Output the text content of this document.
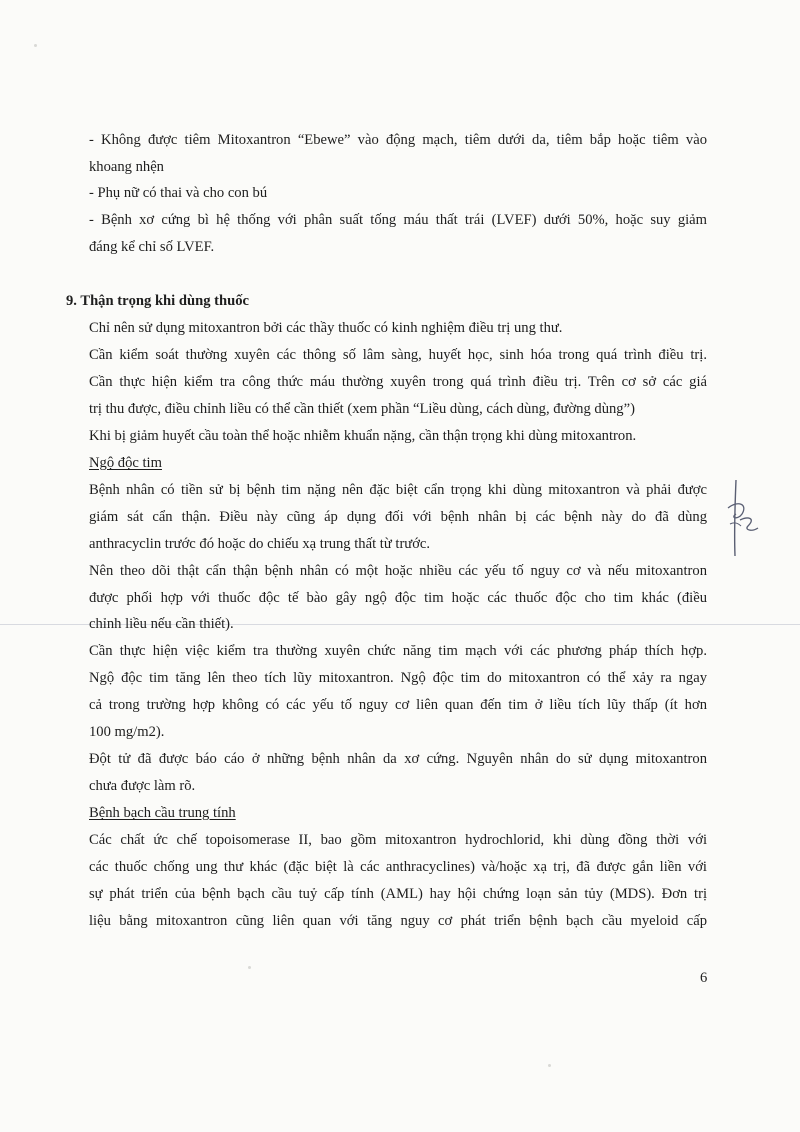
- Không được tiêm Mitoxantron “Ebewe” vào động mạch, tiêm dưới da, tiêm bắp hoặc tiêm vào
khoang nhện
- Phụ nữ có thai và cho con bú
- Bệnh xơ cứng bì hệ thống với phân suất tống máu thất trái (LVEF) dưới 50%, hoặc suy giảm
đáng kể chỉ số LVEF.
9. Thận trọng khi dùng thuốc
Chỉ nên sử dụng mitoxantron bởi các thầy thuốc có kinh nghiệm điều trị ung thư.
Cần kiểm soát thường xuyên các thông số lâm sàng, huyết học, sinh hóa trong quá trình điều trị.
Cần thực hiện kiểm tra công thức máu thường xuyên trong quá trình điều trị. Trên cơ sở các giá
trị thu được, điều chỉnh liều có thể cần thiết (xem phần “Liều dùng, cách dùng, đường dùng”)
Khi bị giảm huyết cầu toàn thể hoặc nhiễm khuẩn nặng, cần thận trọng khi dùng mitoxantron.
Ngộ độc tim
Bệnh nhân có tiền sử bị bệnh tim nặng nên đặc biệt cẩn trọng khi dùng mitoxantron và phải được
giám sát cẩn thận. Điều này cũng áp dụng đối với bệnh nhân bị các bệnh này do đã dùng
anthracyclin trước đó hoặc do chiếu xạ trung thất từ trước.
Nên theo dõi thật cẩn thận bệnh nhân có một hoặc nhiều các yếu tố nguy cơ và nếu mitoxantron
được phối hợp với thuốc độc tế bào gây ngộ độc tim hoặc các thuốc độc cho tim khác (điều
chỉnh liều nếu cần thiết).
Cần thực hiện việc kiểm tra thường xuyên chức năng tim mạch với các phương pháp thích hợp.
Ngộ độc tim tăng lên theo tích lũy mitoxantron. Ngộ độc tim do mitoxantron có thể xảy ra ngay
cả trong trường hợp không có các yếu tố nguy cơ liên quan đến tim ở liều tích lũy thấp (ít hơn
100 mg/m2).
Đột tử đã được báo cáo ở những bệnh nhân da xơ cứng. Nguyên nhân do sử dụng mitoxantron
chưa được làm rõ.
Bệnh bạch cầu trung tính
Các chất ức chế topoisomerase II, bao gồm mitoxantron hydrochlorid, khi dùng đồng thời với
các thuốc chống ung thư khác (đặc biệt là các anthracyclines) và/hoặc xạ trị, đã được gắn liền với
sự phát triển của bệnh bạch cầu tuỷ cấp tính (AML) hay hội chứng loạn sản tủy (MDS). Đơn trị
liệu bằng mitoxantron cũng liên quan với tăng nguy cơ phát triển bệnh bạch cầu myeloid cấp
6
